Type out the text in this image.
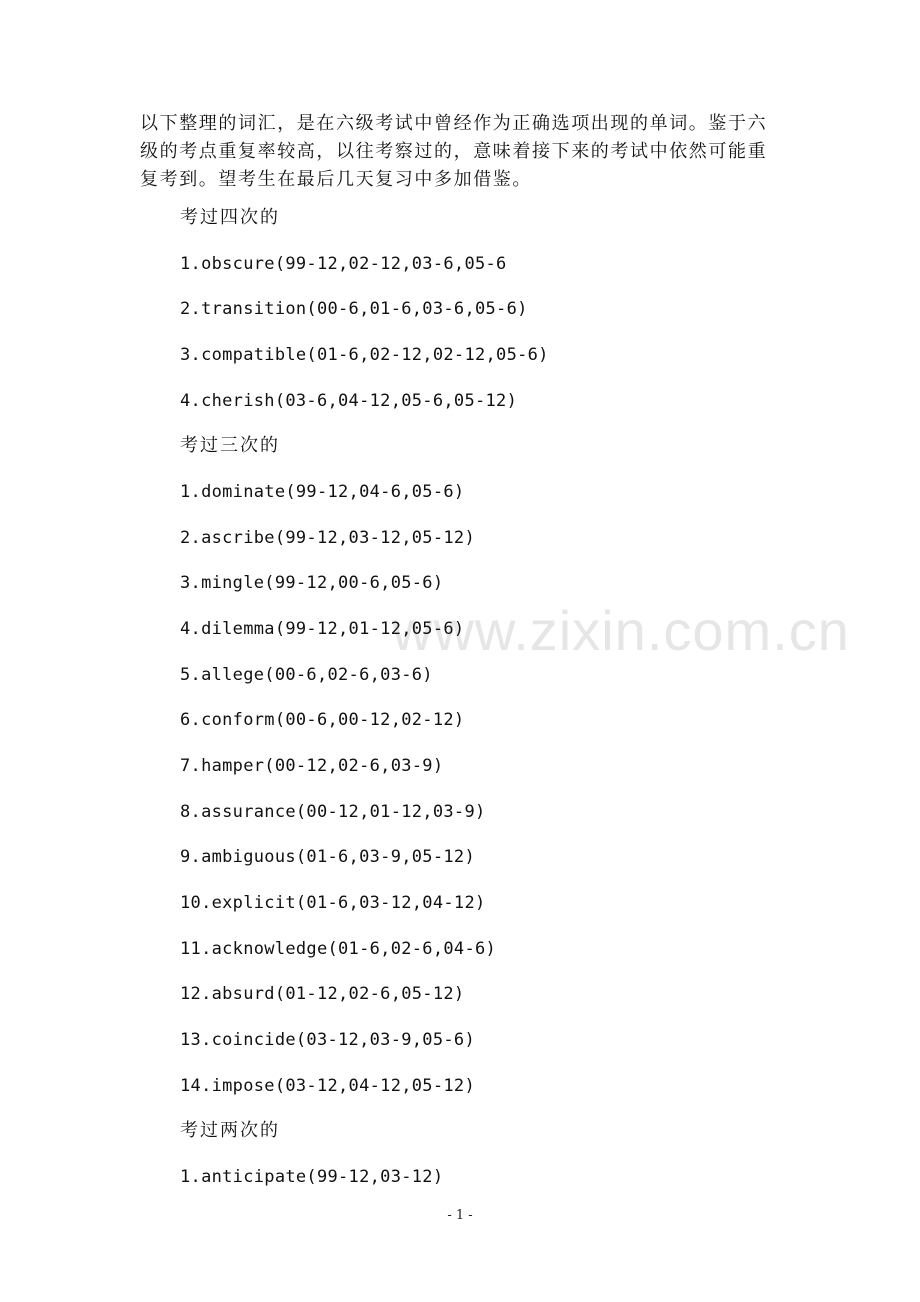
以下整理的词汇，是在六级考试中曾经作为正确选项出现的单词。鉴于六级的考点重复率较高，以往考察过的，意味着接下来的考试中依然可能重复考到。望考生在最后几天复习中多加借鉴。

www.zixin.com.cn
考过四次的
1.obscure(99-12,02-12,03-6,05-6
2.transition(00-6,01-6,03-6,05-6)
3.compatible(01-6,02-12,02-12,05-6)
4.cherish(03-6,04-12,05-6,05-12)
考过三次的
1.dominate(99-12,04-6,05-6)
2.ascribe(99-12,03-12,05-12)
3.mingle(99-12,00-6,05-6)
4.dilemma(99-12,01-12,05-6)
5.allege(00-6,02-6,03-6)
6.conform(00-6,00-12,02-12)
7.hamper(00-12,02-6,03-9)
8.assurance(00-12,01-12,03-9)
9.ambiguous(01-6,03-9,05-12)
10.explicit(01-6,03-12,04-12)
11.acknowledge(01-6,02-6,04-6)
12.absurd(01-12,02-6,05-12)
13.coincide(03-12,03-9,05-6)
14.impose(03-12,04-12,05-12)
考过两次的
1.anticipate(99-12,03-12)
- 1 -
